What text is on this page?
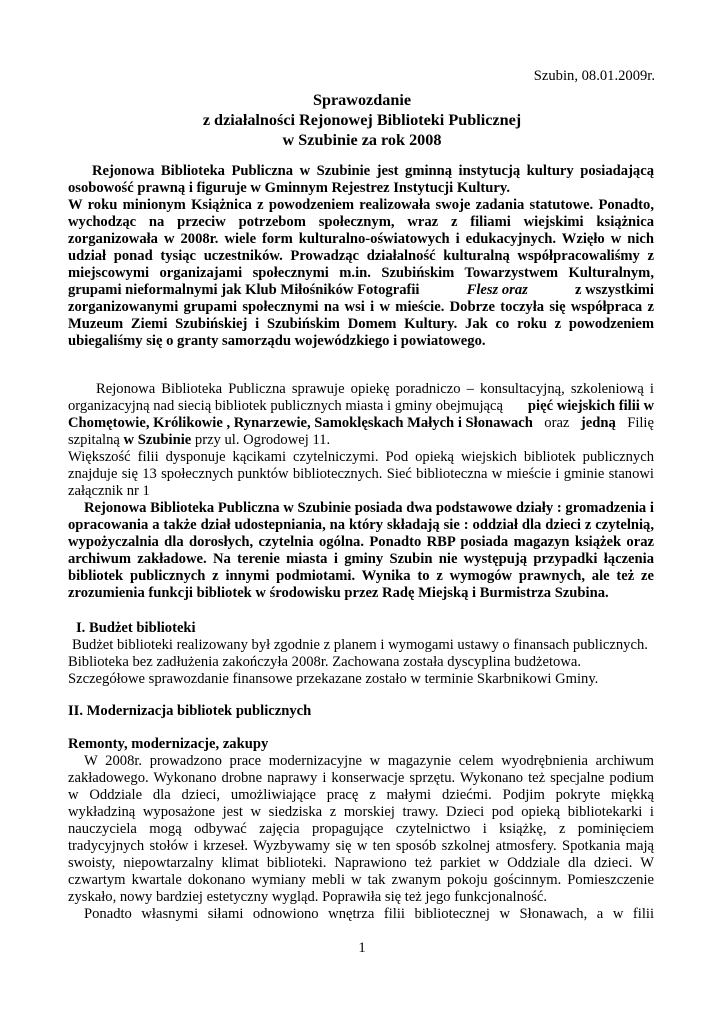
Szubin, 08.01.2009r.

Sprawozdanie

z działalności Rejonowej Biblioteki Publicznej

w Szubinie za rok 2008

Rejonowa Biblioteka Publiczna w Szubinie jest gminną instytucją kultury posiadającą

osobowość prawną i figuruje w Gminnym Rejestrez Instytucji Kultury.

W roku minionym Książnica z powodzeniem realizowała swoje zadania statutowe. Ponadto,

wychodząc na przeciw potrzebom społecznym, wraz z filiami wiejskimi książnica

zorganizowała w 2008r. wiele form kulturalno-oświatowych i edukacyjnych. Wzięło w nich

udział ponad tysiąc uczestników. Prowadząc działalność kulturalną współpracowaliśmy z

miejscowymi organizajami społecznymi m.in. Szubińskim Towarzystwem Kulturalnym,

grupami nieformalnymi jak Klub Miłośników Fotografii	Flesz oraz	z wszystkimi

zorganizowanymi grupami społecznymi na wsi i w mieście. Dobrze toczyła się współpraca z

Muzeum Ziemi Szubińskiej i Szubińskim Domem Kultury. Jak co roku z powodzeniem

ubiegaliśmy się o granty samorządu wojewódzkiego i powiatowego.

Rejonowa Biblioteka Publiczna sprawuje opiekę poradniczo – konsultacyjną, szkoleniową i

organizacyjną nad siecią bibliotek publicznych miasta i gminy obejmującą pięć wiejskich filii w

Chomętowie, Królikowie , Rynarzewie, Samoklęskach Małych i Słonawach oraz jedną Filię

szpitalną w Szubinie przy ul. Ogrodowej 11.

Większość filii dysponuje kącikami czytelniczymi. Pod opieką wiejskich bibliotek publicznych

znajduje się 13 społecznych punktów bibliotecznych. Sieć biblioteczna w mieście i gminie stanowi

załącznik nr 1

Rejonowa Biblioteka Publiczna w Szubinie posiada dwa podstawowe działy : gromadzenia i

opracowania a także dział udostepniania, na który składają sie : oddział dla dzieci z czytelnią,

wypożyczalnia dla dorosłych, czytelnia ogólna. Ponadto RBP posiada magazyn książek oraz

archiwum zakładowe. Na terenie miasta i gminy Szubin nie występują przypadki łączenia

bibliotek publicznych z innymi podmiotami. Wynika to z wymogów prawnych, ale też ze

zrozumienia funkcji bibliotek w środowisku przez Radę Miejską i Burmistrza Szubina.

I. Budżet biblioteki

Budżet biblioteki realizowany był zgodnie z planem i wymogami ustawy o finansach publicznych.

Biblioteka bez zadłużenia zakończyła 2008r. Zachowana została dyscyplina budżetowa.

Szczegółowe sprawozdanie finansowe przekazane zostało w terminie Skarbnikowi Gminy.

II. Modernizacja bibliotek publicznych

Remonty, modernizacje, zakupy

W 2008r. prowadzono prace modernizacyjne w magazynie celem wyodrębnienia archiwum

zakładowego. Wykonano drobne naprawy i konserwacje sprzętu. Wykonano też specjalne podium

w Oddziale dla dzieci, umożliwiające pracę z małymi dziećmi. Podjim pokryte miękką

wykładziną wyposażone jest w siedziska z morskiej trawy. Dzieci pod opieką bibliotekarki i

nauczyciela mogą odbywać zajęcia propagujące czytelnictwo i książkę, z pominięciem

tradycyjnych stołów i krzeseł. Wyzbywamy się w ten sposób szkolnej atmosfery. Spotkania mają

swoisty, niepowtarzalny klimat biblioteki. Naprawiono też parkiet w Oddziale dla dzieci. W

czwartym kwartale dokonano wymiany mebli w tak zwanym pokoju gościnnym. Pomieszczenie

zyskało, nowy bardziej estetyczny wygląd. Poprawiła się też jego funkcjonalność.

Ponadto własnymi siłami odnowiono wnętrza filii bibliotecznej w Słonawach, a w filii

1
